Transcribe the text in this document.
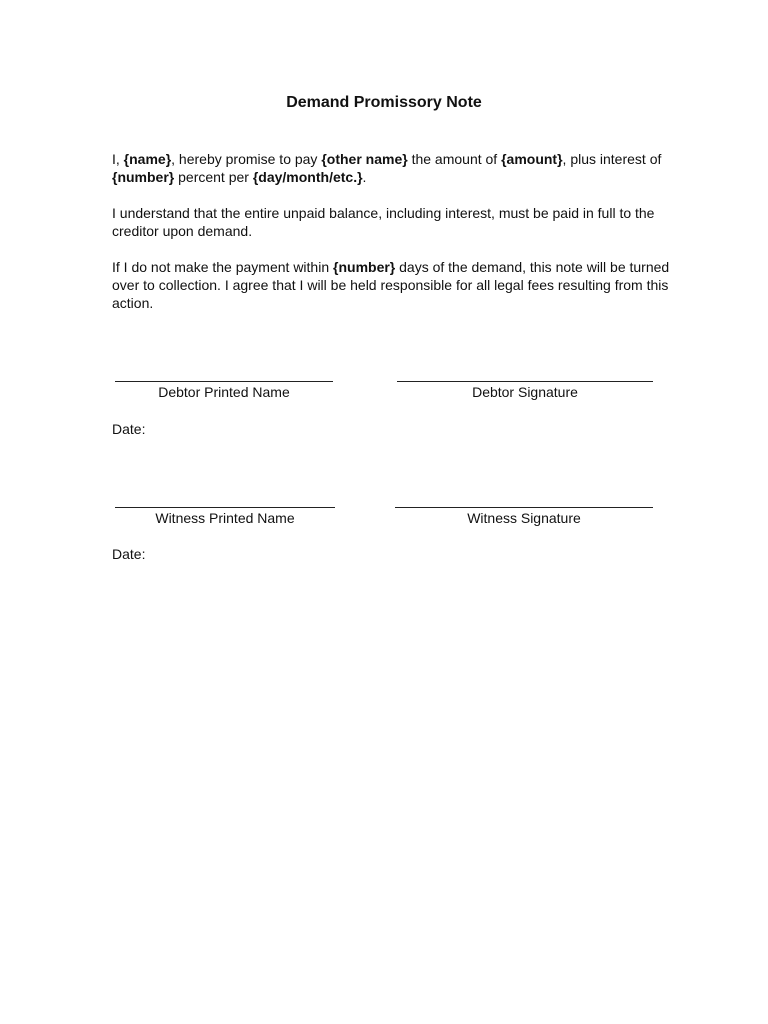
Demand Promissory Note

I, {name}, hereby promise to pay {other name} the amount of {amount}, plus interest of {number} percent per {day/month/etc.}.

I understand that the entire unpaid balance, including interest, must be paid in full to the creditor upon demand.

If I do not make the payment within {number} days of the demand, this note will be turned over to collection. I agree that I will be held responsible for all legal fees resulting from this action.

Debtor Printed Name	Debtor Signature
Date:
Witness Printed Name	Witness Signature
Date:
